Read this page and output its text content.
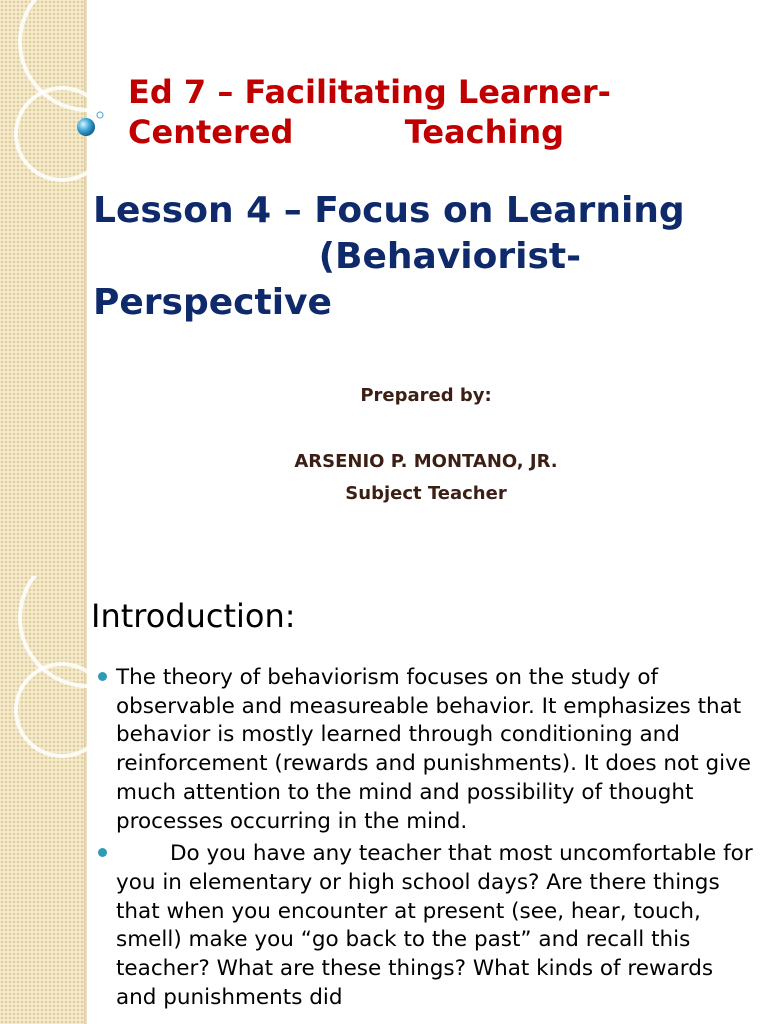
Ed 7 – Facilitating Learner-
Centered          Teaching
Lesson 4 – Focus on Learning
(Behaviorist-
Perspective

Prepared by:

ARSENIO P. MONTANO, JR.

Subject Teacher

Introduction:
The theory of behaviorism focuses on the study of observable and measureable behavior. It emphasizes that behavior is mostly learned through conditioning and reinforcement (rewards and punishments). It does not give much attention to the mind and possibility of thought processes occurring in the mind.
Do you have any teacher that most uncomfortable for you in elementary or high school days? Are there things that when you encounter at present (see, hear, touch, smell) make you “go back to the past” and recall this teacher? What are these things? What kinds of rewards and punishments did
